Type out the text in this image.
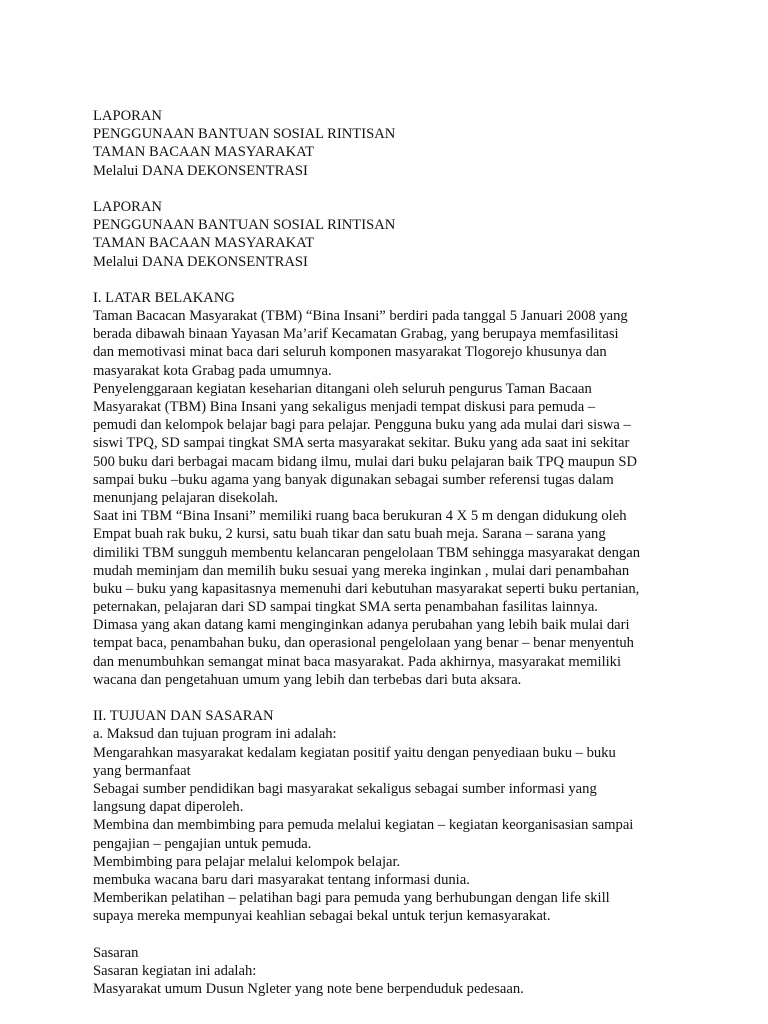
LAPORAN
PENGGUNAAN BANTUAN SOSIAL RINTISAN
TAMAN BACAAN MASYARAKAT
Melalui DANA DEKONSENTRASI
LAPORAN
PENGGUNAAN BANTUAN SOSIAL RINTISAN
TAMAN BACAAN MASYARAKAT
Melalui DANA DEKONSENTRASI
I. LATAR BELAKANG
Taman Bacacan Masyarakat (TBM) “Bina Insani” berdiri pada tanggal 5 Januari 2008 yang
berada dibawah binaan Yayasan Ma’arif Kecamatan Grabag, yang berupaya memfasilitasi
dan memotivasi minat baca dari seluruh komponen masyarakat Tlogorejo khusunya dan
masyarakat kota Grabag pada umumnya.
Penyelenggaraan kegiatan keseharian ditangani oleh seluruh pengurus Taman Bacaan
Masyarakat (TBM) Bina Insani yang sekaligus menjadi tempat diskusi para pemuda –
pemudi dan kelompok belajar bagi para pelajar. Pengguna buku yang ada mulai dari siswa –
siswi TPQ, SD sampai tingkat SMA serta masyarakat sekitar. Buku yang ada saat ini sekitar
500 buku dari berbagai macam bidang ilmu, mulai dari buku pelajaran baik TPQ maupun SD
sampai buku –buku agama yang banyak digunakan sebagai sumber referensi tugas dalam
menunjang pelajaran disekolah.
Saat ini TBM “Bina Insani” memiliki ruang baca berukuran 4 X 5 m dengan didukung oleh
Empat buah rak buku, 2 kursi, satu buah tikar dan satu buah meja. Sarana – sarana yang
dimiliki TBM sungguh membentu kelancaran pengelolaan TBM sehingga masyarakat dengan
mudah meminjam dan memilih buku sesuai yang mereka inginkan , mulai dari penambahan
buku – buku yang kapasitasnya memenuhi dari kebutuhan masyarakat seperti buku pertanian,
peternakan, pelajaran dari SD sampai tingkat SMA serta penambahan fasilitas lainnya.
Dimasa yang akan datang kami menginginkan adanya perubahan yang lebih baik mulai dari
tempat baca, penambahan buku, dan operasional pengelolaan yang benar – benar menyentuh
dan menumbuhkan semangat minat baca masyarakat. Pada akhirnya, masyarakat memiliki
wacana dan pengetahuan umum yang lebih dan terbebas dari buta aksara.
II. TUJUAN DAN SASARAN
a. Maksud dan tujuan program ini adalah:
Mengarahkan masyarakat kedalam kegiatan positif yaitu dengan penyediaan buku – buku
yang bermanfaat
Sebagai sumber pendidikan bagi masyarakat sekaligus sebagai sumber informasi yang
langsung dapat diperoleh.
Membina dan membimbing para pemuda melalui kegiatan – kegiatan keorganisasian sampai
pengajian – pengajian untuk pemuda.
Membimbing para pelajar melalui kelompok belajar.
membuka wacana baru dari masyarakat tentang informasi dunia.
Memberikan pelatihan – pelatihan bagi para pemuda yang berhubungan dengan life skill
supaya mereka mempunyai keahlian sebagai bekal untuk terjun kemasyarakat.
Sasaran
Sasaran kegiatan ini adalah:
Masyarakat umum Dusun Ngleter yang note bene berpenduduk pedesaan.
